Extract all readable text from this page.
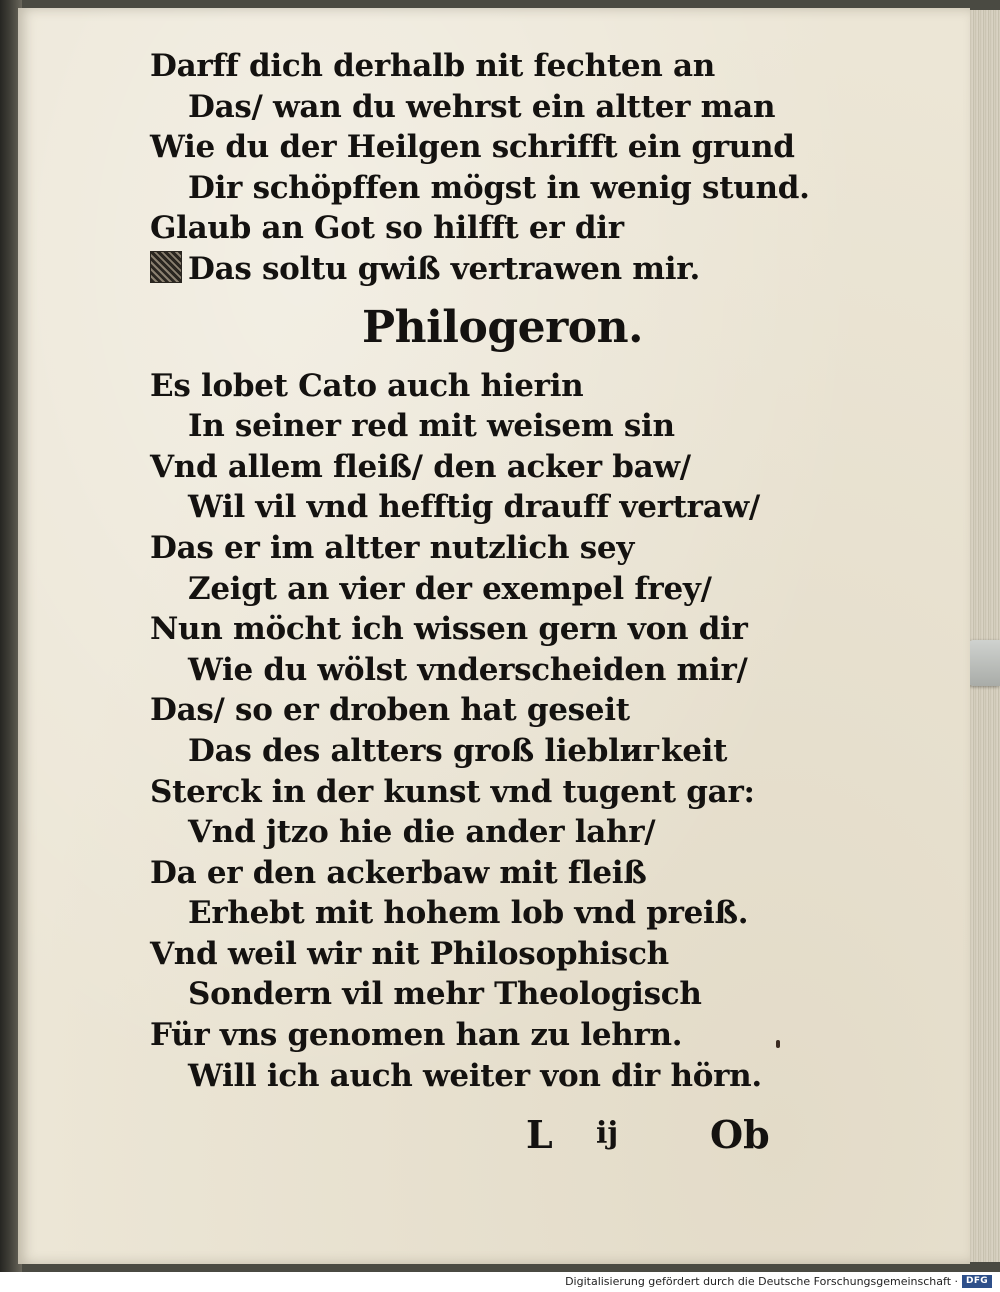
Darff dich derhalb nit fechten an
Das/ wan du wehrst ein altter man
Wie du der Heilgen schrifft ein grund
Dir schöpffen mögst in wenig stund.
Glaub an Got so hilfft er dir
Das soltu gwiß vertrawen mir.
Philogeron.
Es lobet Cato auch hierin
In seiner red mit weisem sin
Vnd allem fleiß/ den acker baw/
Wil vil vnd hefftig drauff vertraw/
Das er im altter nutzlich sey
Zeigt an vier der exempel frey/
Nun möcht ich wissen gern von dir
Wie du wölst vnderscheiden mir/
Das/ so er droben hat gesеit
Das des altters groß lieblигkeit
Sterck in der kunst vnd tugent gar:
Vnd jtzo hie die ander lahr/
Da er den ackerbaw mit fleiß
Erhebt mit hohem lob vnd preiß.
Vnd weil wir nit Philosophisch
Sondern vil mehr Theologisch
Für vns genomen han zu lehrn.
Will ich auch weiter von dir hörn.
L ij Ob
Digitalisierung gefördert durch die Deutsche Forschungsgemeinschaft · DFG
